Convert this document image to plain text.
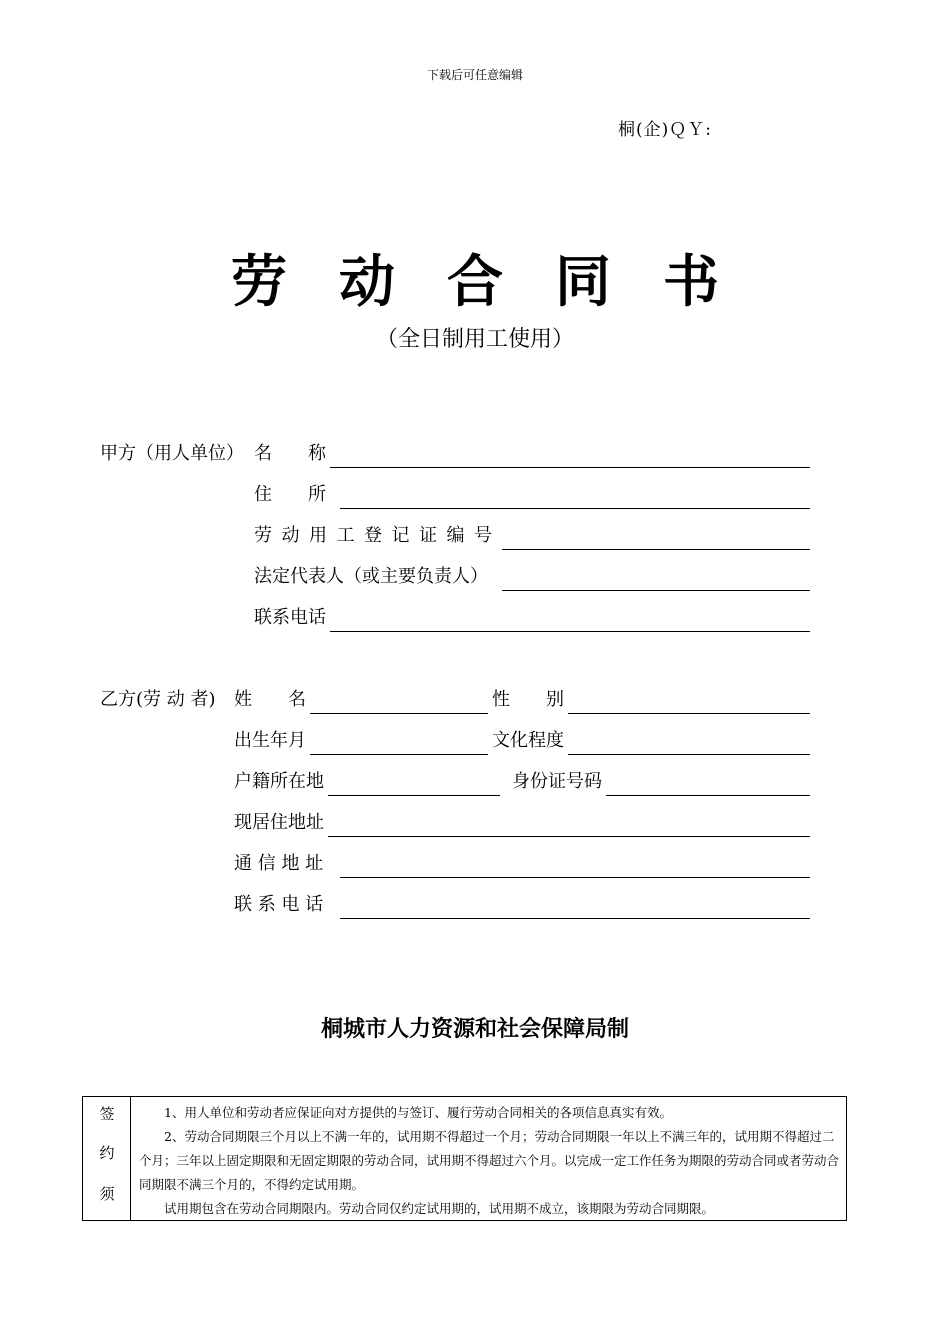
下载后可任意编辑
桐(企)ＱＹ:
劳动合同书
（全日制用工使用）
甲方（用人单位） 名　　称
住　　所
劳动用工登记证编号
法定代表人（或主要负责人）
联系电话
乙方(劳 动 者) 姓　　名	性　　别
出生年月	文化程度
户籍所在地	身份证号码
现居住地址
通 信 地 址
联 系 电 话
桐城市人力资源和社会保障局制
签
约
须

1、用人单位和劳动者应保证向对方提供的与签订、履行劳动合同相关的各项信息真实有效。

2、劳动合同期限三个月以上不满一年的，试用期不得超过一个月；劳动合同期限一年以上不满三年的，试用期不得超过二个月；三年以上固定期限和无固定期限的劳动合同，试用期不得超过六个月。以完成一定工作任务为期限的劳动合同或者劳动合同期限不满三个月的，不得约定试用期。

试用期包含在劳动合同期限内。劳动合同仅约定试用期的，试用期不成立，该期限为劳动合同期限。
